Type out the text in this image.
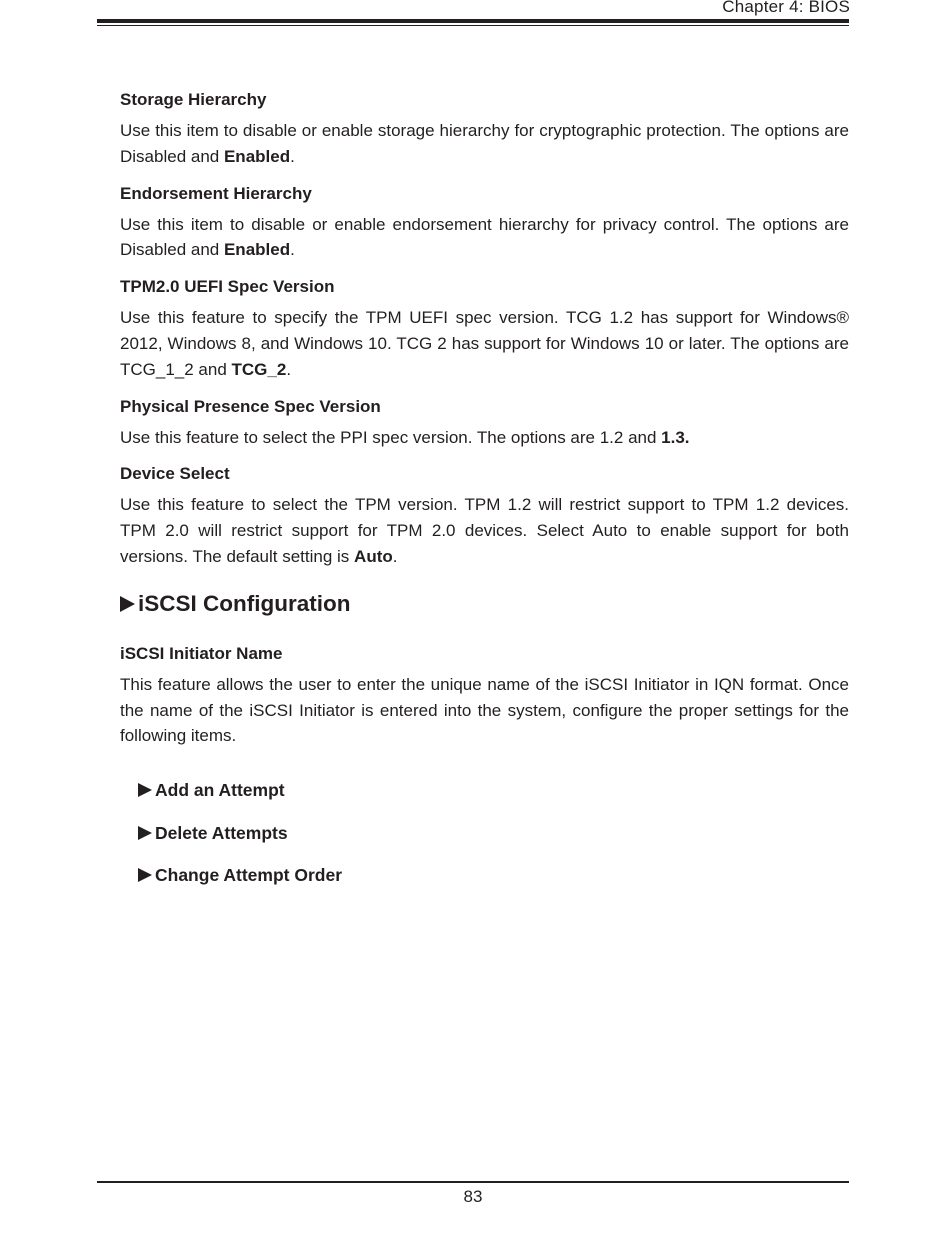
Chapter 4: BIOS
Storage Hierarchy

Use this item to disable or enable storage hierarchy for cryptographic protection. The options are Disabled and Enabled.

Endorsement Hierarchy

Use this item to disable or enable endorsement hierarchy for privacy control. The options are Disabled and Enabled.

TPM2.0 UEFI Spec Version

Use this feature to specify the TPM UEFI spec version. TCG 1.2 has support for Windows® 2012, Windows 8, and Windows 10. TCG 2 has support for Windows 10 or later. The options are TCG_1_2 and TCG_2.

Physical Presence Spec Version

Use this feature to select the PPI spec version. The options are 1.2 and 1.3.

Device Select

Use this feature to select the TPM version. TPM 1.2 will restrict support to TPM 1.2 devices. TPM 2.0 will restrict support for TPM 2.0 devices. Select Auto to enable support for both versions. The default setting is Auto.

iSCSI Configuration
iSCSI Initiator Name

This feature allows the user to enter the unique name of the iSCSI Initiator in IQN format. Once the name of the iSCSI Initiator is entered into the system, configure the proper settings for the following items.

Add an Attempt
Delete Attempts
Change Attempt Order
83
